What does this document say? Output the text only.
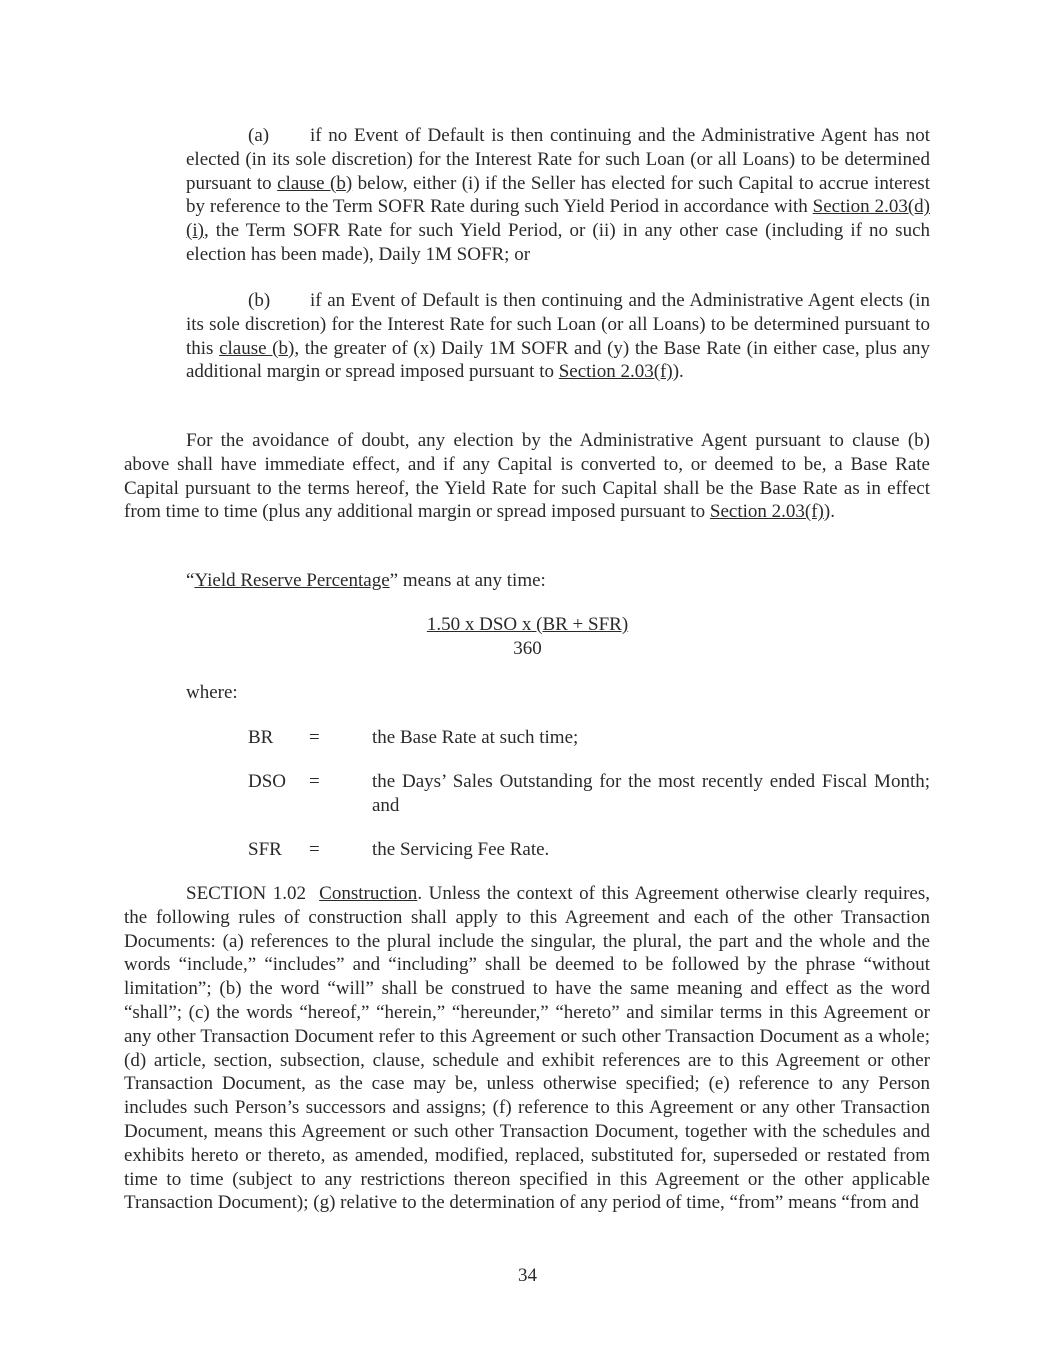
(a) if no Event of Default is then continuing and the Administrative Agent has not elected (in its sole discretion) for the Interest Rate for such Loan (or all Loans) to be determined pursuant to clause (b) below, either (i) if the Seller has elected for such Capital to accrue interest by reference to the Term SOFR Rate during such Yield Period in accordance with Section 2.03(d)(i), the Term SOFR Rate for such Yield Period, or (ii) in any other case (including if no such election has been made), Daily 1M SOFR; or

(b) if an Event of Default is then continuing and the Administrative Agent elects (in its sole discretion) for the Interest Rate for such Loan (or all Loans) to be determined pursuant to this clause (b), the greater of (x) Daily 1M SOFR and (y) the Base Rate (in either case, plus any additional margin or spread imposed pursuant to Section 2.03(f)).

For the avoidance of doubt, any election by the Administrative Agent pursuant to clause (b) above shall have immediate effect, and if any Capital is converted to, or deemed to be, a Base Rate Capital pursuant to the terms hereof, the Yield Rate for such Capital shall be the Base Rate as in effect from time to time (plus any additional margin or spread imposed pursuant to Section 2.03(f)).

“Yield Reserve Percentage” means at any time:

1.50 x DSO x (BR + SFR)
360

where:

BR =	the Base Rate at such time;
DSO =	the Days’ Sales Outstanding for the most recently ended Fiscal Month; and
SFR =	the Servicing Fee Rate.

SECTION 1.02 Construction. Unless the context of this Agreement otherwise clearly requires, the following rules of construction shall apply to this Agreement and each of the other Transaction Documents: (a) references to the plural include the singular, the plural, the part and the whole and the words “include,” “includes” and “including” shall be deemed to be followed by the phrase “without limitation”; (b) the word “will” shall be construed to have the same meaning and effect as the word “shall”; (c) the words “hereof,” “herein,” “hereunder,” “hereto” and similar terms in this Agreement or any other Transaction Document refer to this Agreement or such other Transaction Document as a whole; (d) article, section, subsection, clause, schedule and exhibit references are to this Agreement or other Transaction Document, as the case may be, unless otherwise specified; (e) reference to any Person includes such Person’s successors and assigns; (f) reference to this Agreement or any other Transaction Document, means this Agreement or such other Transaction Document, together with the schedules and exhibits hereto or thereto, as amended, modified, replaced, substituted for, superseded or restated from time to time (subject to any restrictions thereon specified in this Agreement or the other applicable Transaction Document); (g) relative to the determination of any period of time, “from” means “from and

34
